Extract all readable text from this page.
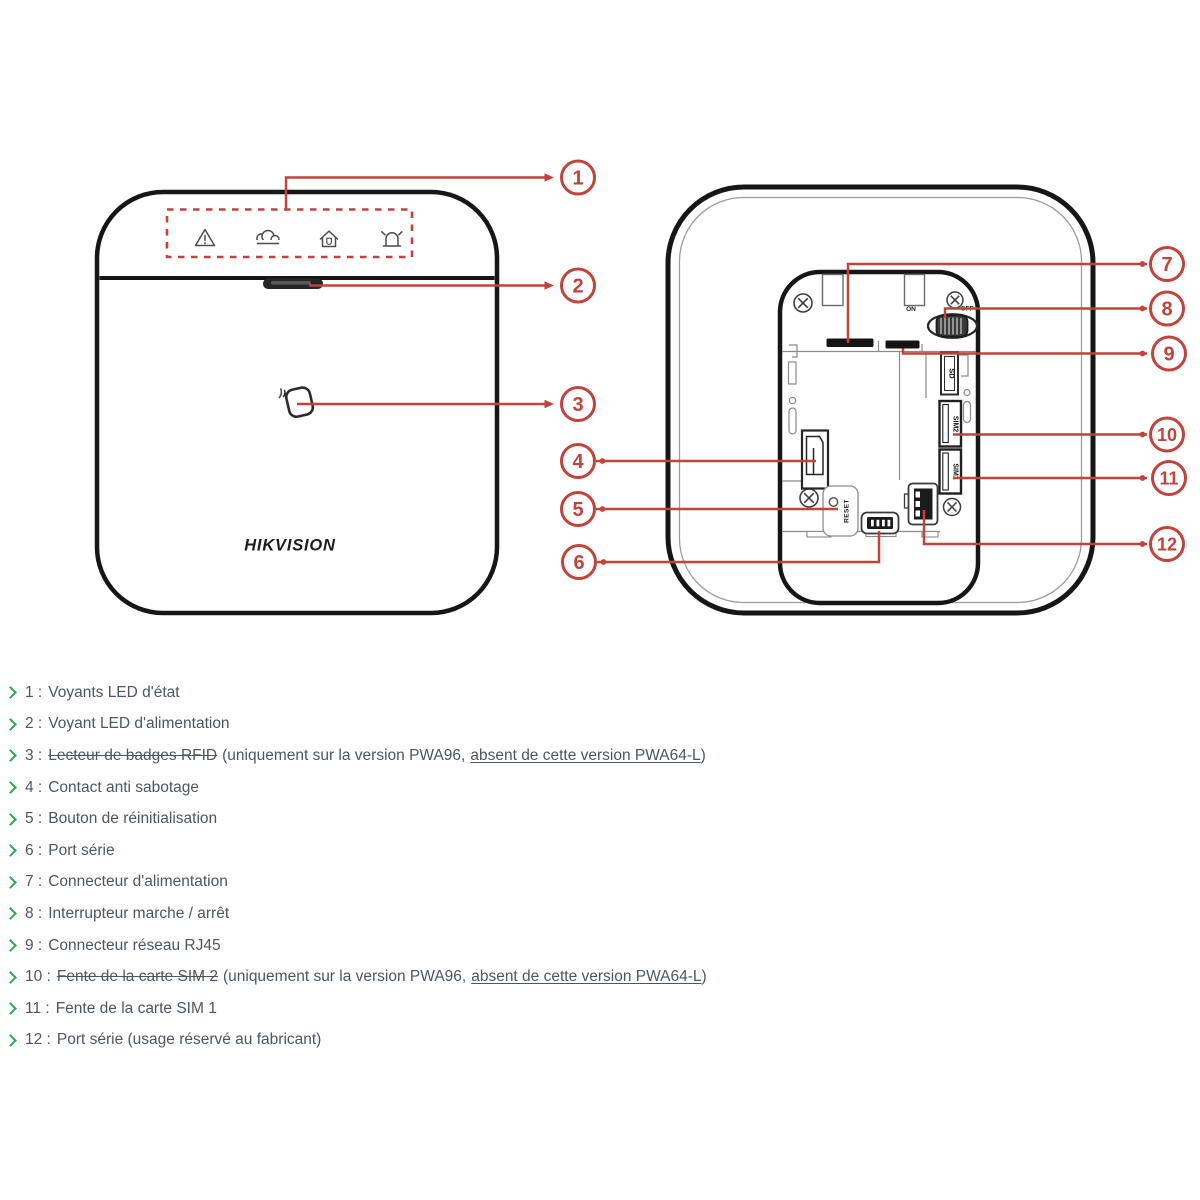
HIKVISION
ON	OFF
SD
SIM2
SIM1
RESET
1
2
3
4
5
6
7
8
9
10
11
12
1 : Voyants LED d'état
2 : Voyant LED d'alimentation
3 : Lecteur de badges RFID (uniquement sur la version PWA96, absent de cette version PWA64-L )
4 : Contact anti sabotage
5 : Bouton de réinitialisation
6 : Port série
7 : Connecteur d'alimentation
8 : Interrupteur marche / arrêt
9 : Connecteur réseau RJ45
10 : Fente de la carte SIM 2 (uniquement sur la version PWA96, absent de cette version PWA64-L )
11 : Fente de la carte SIM 1
12 : Port série (usage réservé au fabricant)
